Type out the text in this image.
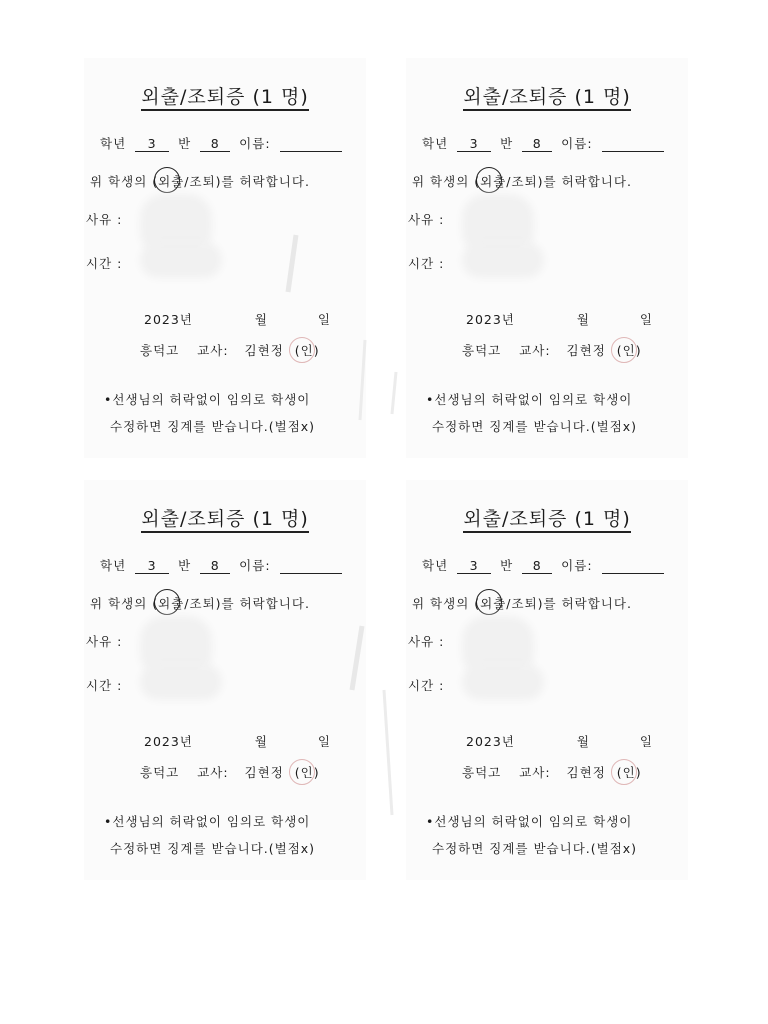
외출/조퇴증 (1 명)
학년 3 반 8 이름:
위 학생의 (외출/조퇴)를 허락합니다.
사유 :
시간 :
2023년	월	일
흥덕고 교사: 김현정 (인)
•선생님의 허락없이 임의로 학생이
수정하면 징계를 받습니다.(벌점x)
외출/조퇴증 (1 명)
학년 3 반 8 이름:
위 학생의 (외출/조퇴)를 허락합니다.
사유 :
시간 :
2023년	월	일
흥덕고 교사: 김현정 (인)
•선생님의 허락없이 임의로 학생이
수정하면 징계를 받습니다.(벌점x)
외출/조퇴증 (1 명)
학년 3 반 8 이름:
위 학생의 (외출/조퇴)를 허락합니다.
사유 :
시간 :
2023년	월	일
흥덕고 교사: 김현정 (인)
•선생님의 허락없이 임의로 학생이
수정하면 징계를 받습니다.(벌점x)
외출/조퇴증 (1 명)
학년 3 반 8 이름:
위 학생의 (외출/조퇴)를 허락합니다.
사유 :
시간 :
2023년	월	일
흥덕고 교사: 김현정 (인)
•선생님의 허락없이 임의로 학생이
수정하면 징계를 받습니다.(벌점x)
